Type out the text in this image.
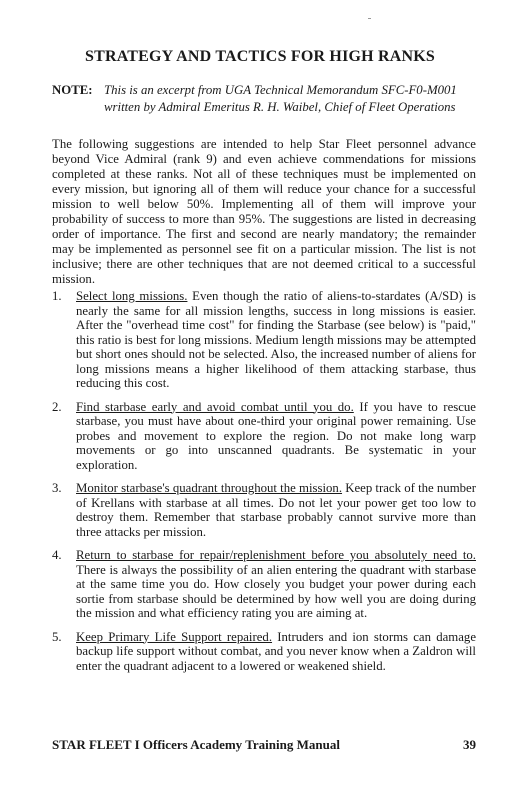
STRATEGY AND TACTICS FOR HIGH RANKS
NOTE: This is an excerpt from UGA Technical Memorandum SFC-F0-M001 written by Admiral Emeritus R. H. Waibel, Chief of Fleet Operations

The following suggestions are intended to help Star Fleet personnel advance beyond Vice Admiral (rank 9) and even achieve commendations for missions completed at these ranks. Not all of these techniques must be implemented on every mission, but ignoring all of them will reduce your chance for a successful mission to well below 50%. Implementing all of them will improve your probability of success to more than 95%. The suggestions are listed in decreasing order of importance. The first and second are nearly mandatory; the remainder may be implemented as personnel see fit on a particular mission. The list is not inclusive; there are other techniques that are not deemed critical to a successful mission.

1.	Select long missions. Even though the ratio of aliens-to-stardates (A/SD) is nearly the same for all mission lengths, success in long missions is easier. After the "overhead time cost" for finding the Starbase (see below) is "paid," this ratio is best for long missions. Medium length missions may be attempted but short ones should not be selected. Also, the increased number of aliens for long missions means a higher likelihood of them attacking starbase, thus reducing this cost.
2.	Find starbase early and avoid combat until you do. If you have to rescue starbase, you must have about one-third your original power remaining. Use probes and movement to explore the region. Do not make long warp movements or go into unscanned quadrants. Be systematic in your exploration.
3.	Monitor starbase's quadrant throughout the mission. Keep track of the number of Krellans with starbase at all times. Do not let your power get too low to destroy them. Remember that starbase probably cannot survive more than three attacks per mission.
4.	Return to starbase for repair/replenishment before you absolutely need to. There is always the possibility of an alien entering the quadrant with starbase at the same time you do. How closely you budget your power during each sortie from starbase should be determined by how well you are doing during the mission and what efficiency rating you are aiming at.
5.	Keep Primary Life Support repaired. Intruders and ion storms can damage backup life support without combat, and you never know when a Zaldron will enter the quadrant adjacent to a lowered or weakened shield.
STAR FLEET I Officers Academy Training Manual	39
